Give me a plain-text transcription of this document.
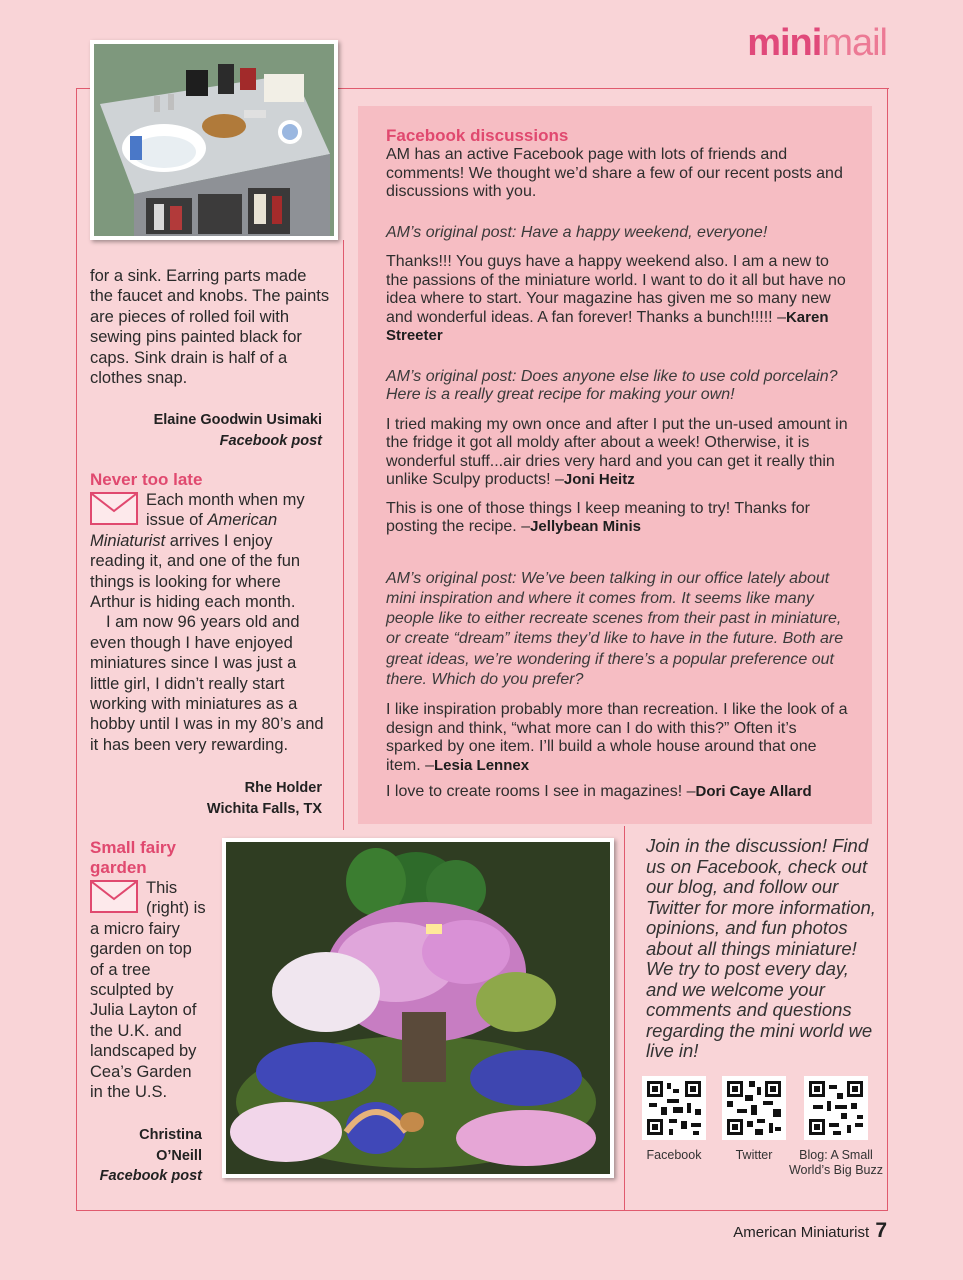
minimail
for a sink. Earring parts made the faucet and knobs. The paints are pieces of rolled foil with sewing pins painted black for caps. Sink drain is half of a clothes snap.
Elaine Goodwin Usimaki
Facebook post
Never too late
Each month when my issue of American Miniaturist arrives I enjoy reading it, and one of the fun things is looking for where Arthur is hiding each month.
I am now 96 years old and even though I have enjoyed miniatures since I was just a little girl, I didn’t really start working with miniatures as a hobby until I was in my 80’s and it has been very rewarding.
Rhe Holder
Wichita Falls, TX
Small fairy
garden
This (right) is a micro fairy garden on top of a tree sculpted by Julia Layton of the U.K. and landscaped by Cea’s Garden in the U.S.
Christina
O’Neill
Facebook post

Facebook discussions

AM has an active Facebook page with lots of friends and comments! We thought we’d share a few of our recent posts and discussions with you.

AM’s original post: Have a happy weekend, everyone!

Thanks!!! You guys have a happy weekend also. I am a new to the passions of the miniature world. I want to do it all but have no idea where to start. Your magazine has given me so many new and wonderful ideas. A fan forever! Thanks a bunch!!!!! –Karen Streeter

AM’s original post: Does anyone else like to use cold porcelain? Here is a really great recipe for making your own!

I tried making my own once and after I put the un-used amount in the fridge it got all moldy after about a week! Otherwise, it is wonderful stuff...air dries very hard and you can get it really thin unlike Sculpy products! –Joni Heitz

This is one of those things I keep meaning to try! Thanks for posting the recipe. –Jellybean Minis

AM’s original post: We’ve been talking in our office lately about mini inspiration and where it comes from. It seems like many people like to either recreate scenes from their past in miniature, or create “dream” items they’d like to have in the future. Both are great ideas, we’re wondering if there’s a popular preference out there. Which do you prefer?

I like inspiration probably more than recreation. I like the look of a design and think, “what more can I do with this?” Often it’s sparked by one item. I’ll build a whole house around that one item. –Lesia Lennex

I love to create rooms I see in magazines! –Dori Caye Allard

Join in the discussion! Find us on Facebook, check out our blog, and follow our Twitter for more information, opinions, and fun photos about all things miniature! We try to post every day, and we welcome your comments and questions regarding the mini world we live in!
Facebook	Twitter	Blog: A Small
World’s Big Buzz
American Miniaturist 7
